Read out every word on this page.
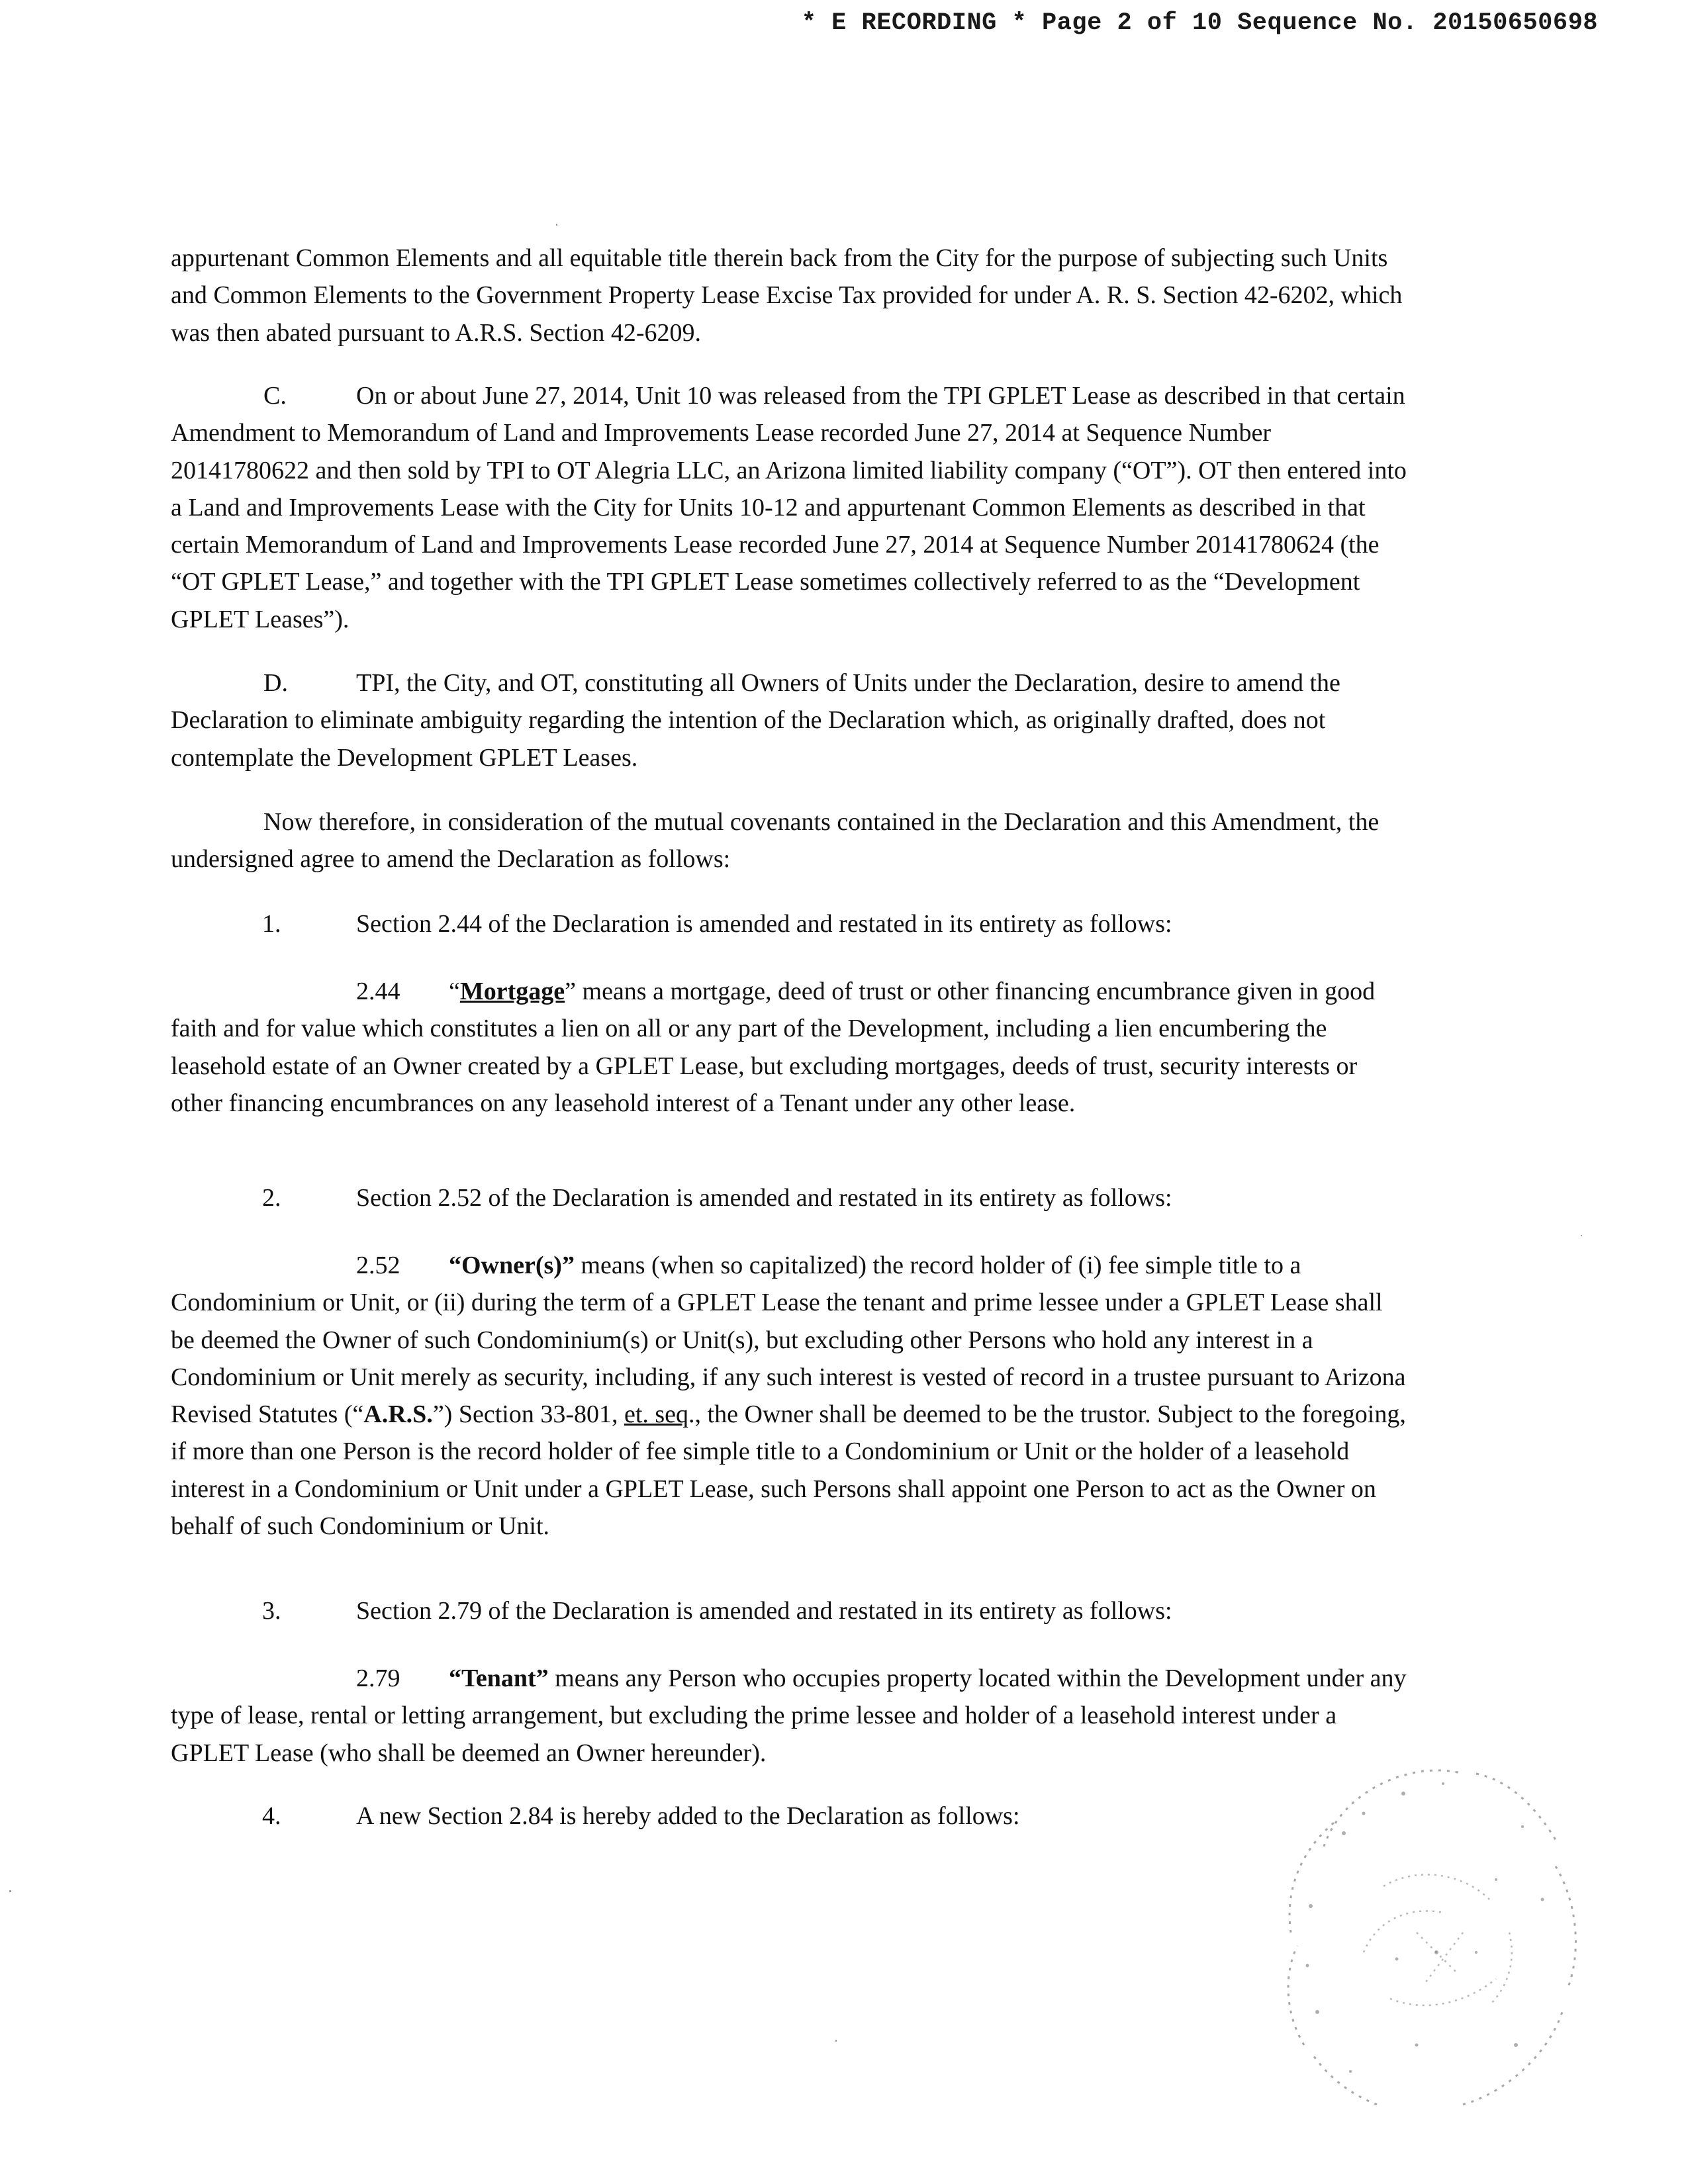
* E RECORDING * Page 2 of 10 Sequence No. 20150650698

appurtenant Common Elements and all equitable title therein back from the City for the purpose of subjecting such Units and Common Elements to the Government Property Lease Excise Tax provided for under A. R. S. Section 42-6202, which was then abated pursuant to A.R.S. Section 42-6209.

C.	On or about June 27, 2014, Unit 10 was released from the TPI GPLET Lease as described in that certain Amendment to Memorandum of Land and Improvements Lease recorded June 27, 2014 at Sequence Number 20141780622 and then sold by TPI to OT Alegria LLC, an Arizona limited liability company (“OT”). OT then entered into a Land and Improvements Lease with the City for Units 10-12 and appurtenant Common Elements as described in that certain Memorandum of Land and Improvements Lease recorded June 27, 2014 at Sequence Number 20141780624 (the “OT GPLET Lease,” and together with the TPI GPLET Lease sometimes collectively referred to as the “Development GPLET Leases”).

D.	TPI, the City, and OT, constituting all Owners of Units under the Declaration, desire to amend the Declaration to eliminate ambiguity regarding the intention of the Declaration which, as originally drafted, does not contemplate the Development GPLET Leases.

Now therefore, in consideration of the mutual covenants contained in the Declaration and this Amendment, the undersigned agree to amend the Declaration as follows:

1.	Section 2.44 of the Declaration is amended and restated in its entirety as follows:

2.44 “Mortgage” means a mortgage, deed of trust or other financing encumbrance given in good faith and for value which constitutes a lien on all or any part of the Development, including a lien encumbering the leasehold estate of an Owner created by a GPLET Lease, but excluding mortgages, deeds of trust, security interests or other financing encumbrances on any leasehold interest of a Tenant under any other lease.

2.	Section 2.52 of the Declaration is amended and restated in its entirety as follows:

2.52 “Owner(s)” means (when so capitalized) the record holder of (i) fee simple title to a Condominium or Unit, or (ii) during the term of a GPLET Lease the tenant and prime lessee under a GPLET Lease shall be deemed the Owner of such Condominium(s) or Unit(s), but excluding other Persons who hold any interest in a Condominium or Unit merely as security, including, if any such interest is vested of record in a trustee pursuant to Arizona Revised Statutes (“A.R.S.”) Section 33-801, et. seq., the Owner shall be deemed to be the trustor. Subject to the foregoing, if more than one Person is the record holder of fee simple title to a Condominium or Unit or the holder of a leasehold interest in a Condominium or Unit under a GPLET Lease, such Persons shall appoint one Person to act as the Owner on behalf of such Condominium or Unit.

3.	Section 2.79 of the Declaration is amended and restated in its entirety as follows:

2.79 “Tenant” means any Person who occupies property located within the Development under any type of lease, rental or letting arrangement, but excluding the prime lessee and holder of a leasehold interest under a GPLET Lease (who shall be deemed an Owner hereunder).

4.	A new Section 2.84 is hereby added to the Declaration as follows:
